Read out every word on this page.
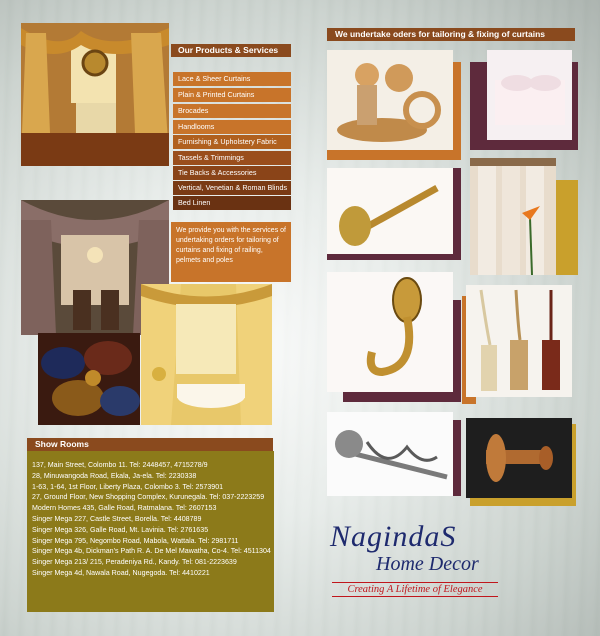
Our Products & Services
Lace & Sheer Curtains
Plain & Printed Curtains
Brocades
Handlooms
Furnishing & Upholstery Fabric
Tassels & Trimmings
Tie Backs & Accessories
Vertical, Venetian & Roman Blinds
Bed Linen
We provide you with the services of undertaking orders for tailoring of curtains and fixing of railing, pelmets and poles
We undertake oders for tailoring & fixing of curtains
Show Rooms
137, Main Street, Colombo 11. Tel: 2448457, 4715278/9
28, Minuwangoda Road, Ekala, Ja-ela. Tel: 2230338
1-63, 1-64, 1st Floor, Liberty Plaza, Colombo 3. Tel: 2573901
27, Ground Floor, New Shopping Complex, Kurunegala. Tel: 037-2223259
Modern Homes 435, Galle Road, Ratmalana. Tel: 2607153
Singer Mega 227, Castle Street, Borella. Tel: 4408789
Singer Mega 326, Galle Road, Mt. Lavinia. Tel: 2761635
Singer Mega 795, Negombo Road, Mabola, Wattala. Tel: 2981711
Singer Mega 4b, Dickman's Path R. A. De Mel Mawatha, Co-4. Tel: 4511304
Singer Mega 213/ 215, Peradeniya Rd., Kandy. Tel: 081-2223639
Singer Mega 4d, Nawala Road, Nugegoda. Tel: 4410221
NagindaS
Home Decor
Creating A Lifetime of Elegance
